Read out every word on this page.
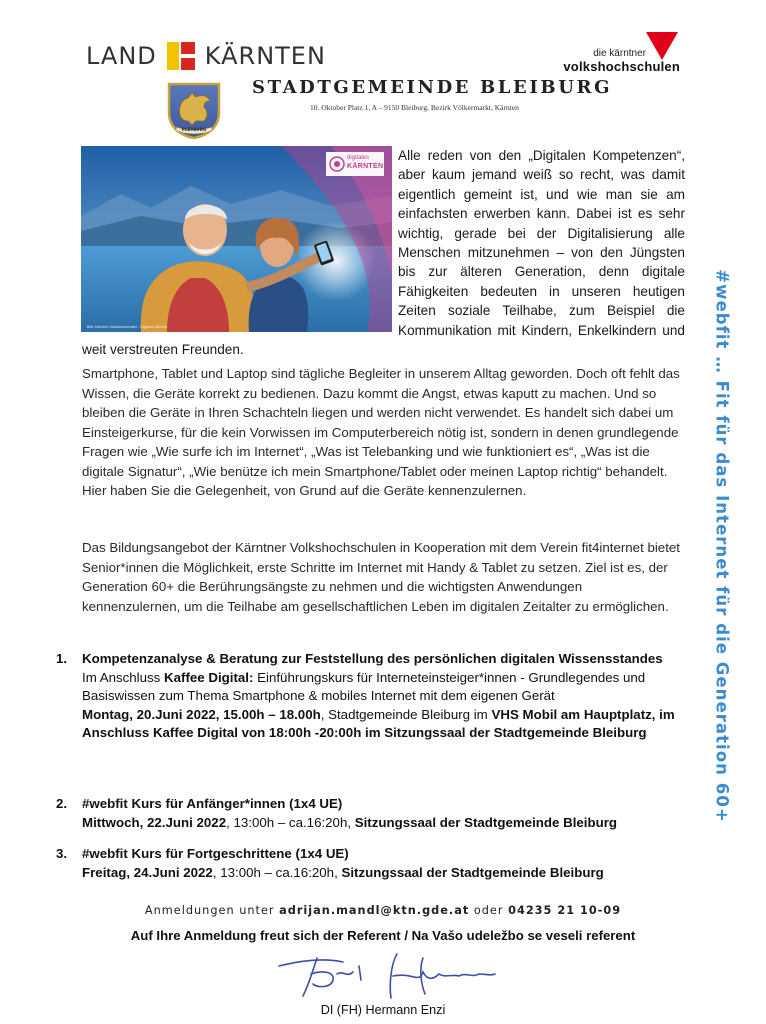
LAND KÄRNTEN	die kärntner
volkshochschulen
PLEYBVRG
STADTGEMEINDE BLEIBURG
10. Oktober Platz 1, A – 9150 Bleiburg, Bezirk Völkermarkt, Kärnten
digitales
KÄRNTEN
Bild: Kärntner Volkshochschulen · Digitales Kärnten
Alle reden von den „Digitalen Kompetenzen“, aber kaum jemand weiß so recht, was damit eigentlich gemeint ist, und wie man sie am einfachsten erwerben kann. Dabei ist es sehr wichtig, gerade bei der Digitalisierung alle Menschen mitzunehmen – von den Jüngsten bis zur älteren Generation, denn digitale Fähigkeiten bedeuten in unseren heutigen Zeiten soziale Teilhabe, zum Beispiel die Kommunikation mit Kindern, Enkelkindern und weit verstreuten Freunden.

Smartphone, Tablet und Laptop sind tägliche Begleiter in unserem Alltag geworden. Doch oft fehlt das Wissen, die Geräte korrekt zu bedienen. Dazu kommt die Angst, etwas kaputt zu machen. Und so bleiben die Geräte in Ihren Schachteln liegen und werden nicht verwendet. Es handelt sich dabei um Einsteigerkurse, für die kein Vorwissen im Computerbereich nötig ist, sondern in denen grundlegende Fragen wie „Wie surfe ich im Internet“, „Was ist Telebanking und wie funktioniert es“, „Was ist die digitale Signatur“, „Wie benütze ich mein Smartphone/Tablet oder meinen Laptop richtig“ behandelt. Hier haben Sie die Gelegenheit, von Grund auf die Geräte kennenzulernen.

Das Bildungsangebot der Kärntner Volkshochschulen in Kooperation mit dem Verein fit4internet bietet Senior*innen die Möglichkeit, erste Schritte im Internet mit Handy & Tablet zu setzen. Ziel ist es, der Generation 60+ die Berührungsängste zu nehmen und die wichtigsten Anwendungen kennenzulernen, um die Teilhabe am gesellschaftlichen Leben im digitalen Zeitalter zu ermöglichen.	#webfit … Fit für das Internet für die Generation 60+
1. Kompetenzanalyse & Beratung zur Feststellung des persönlichen digitalen Wissensstandes
Im Anschluss Kaffee Digital: Einführungskurs für Interneteinsteiger*innen - Grundlegendes und Basiswissen zum Thema Smartphone & mobiles Internet mit dem eigenen Gerät
Montag, 20.Juni 2022, 15.00h – 18.00h, Stadtgemeinde Bleiburg im VHS Mobil am Hauptplatz, im Anschluss Kaffee Digital von 18:00h -20:00h im Sitzungssaal der Stadtgemeinde Bleiburg
2. #webfit Kurs für Anfänger*innen (1x4 UE)
Mittwoch, 22.Juni 2022, 13:00h – ca.16:20h, Sitzungssaal der Stadtgemeinde Bleiburg
3. #webfit Kurs für Fortgeschrittene (1x4 UE)
Freitag, 24.Juni 2022, 13:00h – ca.16:20h, Sitzungssaal der Stadtgemeinde Bleiburg
Anmeldungen unter adrijan.mandl@ktn.gde.at oder 04235 21 10-09
Auf Ihre Anmeldung freut sich der Referent / Na Vašo udeležbo se veseli referent
DI (FH) Hermann Enzi
